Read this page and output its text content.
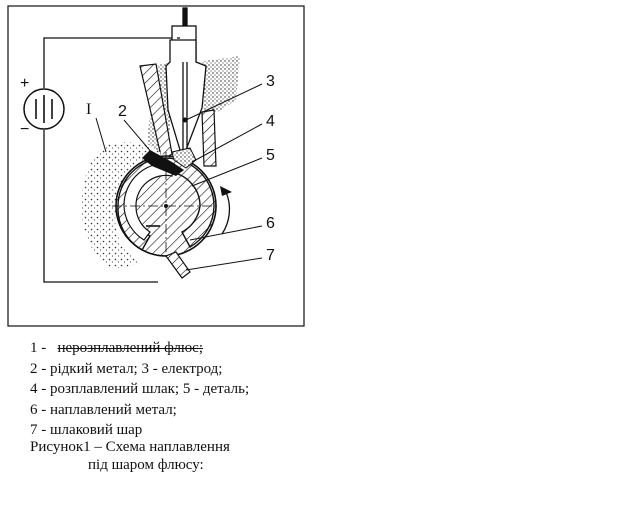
+
−
I 2
3
4
5
6
7
1 - нерозплавлений флюс;
2 - рідкий метал; 3 - електрод;
4 - розплавлений шлак; 5 - деталь;
6 - наплавлений метал;
7 - шлаковий шар
Рисунок1 – Схема наплавлення
під шаром флюсу:
